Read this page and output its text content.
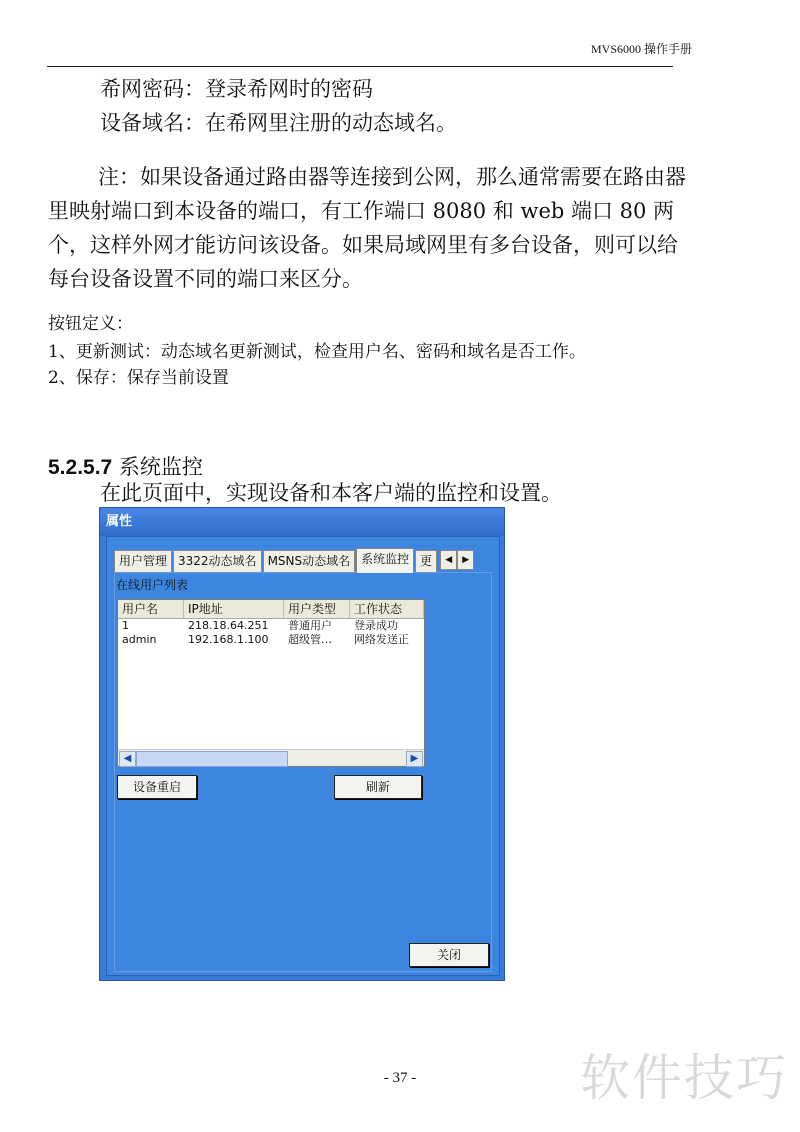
MVS6000 操作手册
希网密码：登录希网时的密码
设备域名：在希网里注册的动态域名。
注：如果设备通过路由器等连接到公网，那么通常需要在路由器
里映射端口到本设备的端口，有工作端口 8080 和 web 端口 80 两
个，这样外网才能访问该设备。如果局域网里有多台设备，则可以给
每台设备设置不同的端口来区分。
按钮定义：
1、更新测试：动态域名更新测试，检查用户名、密码和域名是否工作。
2、保存：保存当前设置
5.2.5.7 系统监控
在此页面中，实现设备和本客户端的监控和设置。
属性
用户管理 3322动态域名 MSNS动态域名 系统监控 更	◀	▶
在线用户列表
用户名	IP地址	用户类型	工作状态
1	218.18.64.251	普通用户	登录成功
admin	192.168.1.100	超级管…	网络发送正
◀	▶
设备重启	刷新
关闭
- 37 -	软件技巧
